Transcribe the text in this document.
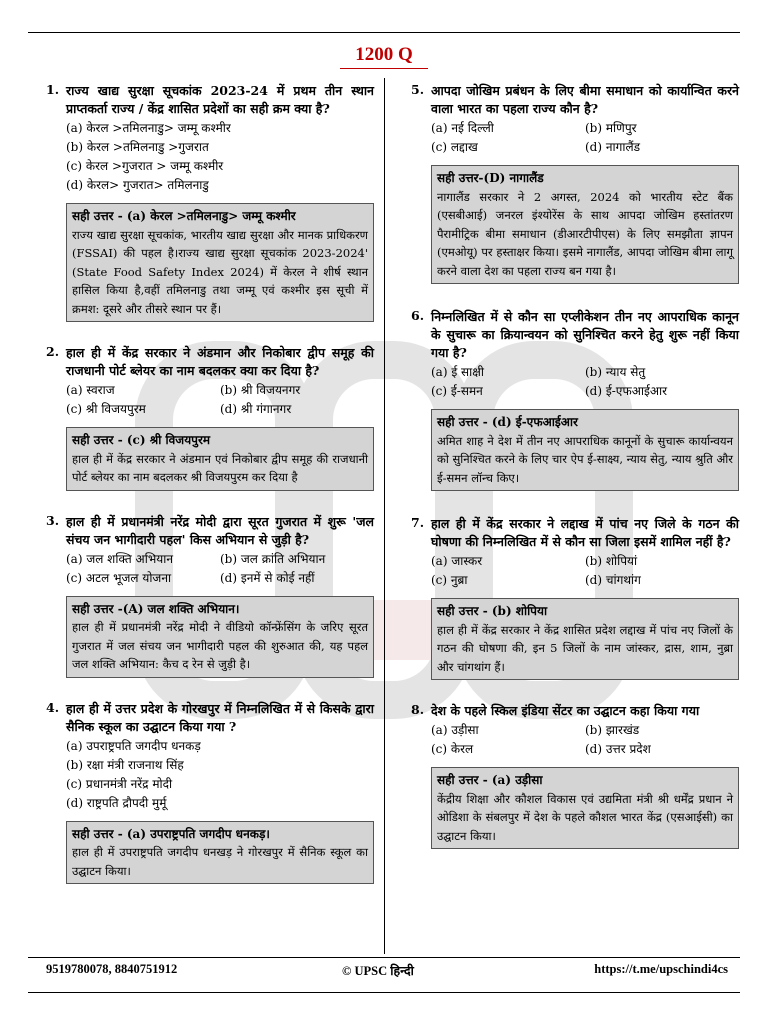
1200 Q
1. राज्य खाद्य सुरक्षा सूचकांक 2023-24 में प्रथम तीन स्थान प्राप्तकर्ता राज्य / केंद्र शासित प्रदेशों का सही क्रम क्या है?
(a) केरल >तमिलनाडु> जम्मू कश्मीर
(b) केरल >तमिलनाडु >गुजरात
(c) केरल >गुजरात > जम्मू कश्मीर
(d) केरल> गुजरात> तमिलनाडु
सही उत्तर - (a) केरल >तमिलनाडु> जम्मू कश्मीर
राज्य खाद्य सुरक्षा सूचकांक, भारतीय खाद्य सुरक्षा और मानक प्राधिकरण (FSSAI) की पहल है।राज्य खाद्य सुरक्षा सूचकांक 2023-2024' (State Food Safety Index 2024) में केरल ने शीर्ष स्थान हासिल किया है,वहीं तमिलनाडु तथा जम्मू एवं कश्मीर इस सूची में क्रमश: दूसरे और तीसरे स्थान पर हैं।
2. हाल ही में केंद्र सरकार ने अंडमान और निकोबार द्वीप समूह की राजधानी पोर्ट ब्लेयर का नाम बदलकर क्या कर दिया है?
(a) स्वराज	(b) श्री विजयनगर
(c) श्री विजयपुरम	(d) श्री गंगानगर
सही उत्तर - (c) श्री विजयपुरम
हाल ही में केंद्र सरकार ने अंडमान एवं निकोबार द्वीप समूह की राजधानी पोर्ट ब्लेयर का नाम बदलकर श्री विजयपुरम कर दिया है
3. हाल ही में प्रधानमंत्री नरेंद्र मोदी द्वारा सूरत गुजरात में शुरू 'जल संचय जन भागीदारी पहल' किस अभियान से जुड़ी है?
(a) जल शक्ति अभियान	(b) जल क्रांति अभियान
(c) अटल भूजल योजना	(d) इनमें से कोई नहीं
सही उत्तर -(A) जल शक्ति अभियान।
हाल ही में प्रधानमंत्री नरेंद्र मोदी ने वीडियो कॉन्फ्रेंसिंग के जरिए सूरत गुजरात में जल संचय जन भागीदारी पहल की शुरुआत की, यह पहल जल शक्ति अभियान: कैच द रेन से जुड़ी है।
4. हाल ही में उत्तर प्रदेश के गोरखपुर में निम्नलिखित में से किसके द्वारा सैनिक स्कूल का उद्घाटन किया गया ?
(a) उपराष्ट्रपति जगदीप धनकड़
(b) रक्षा मंत्री राजनाथ सिंह
(c) प्रधानमंत्री नरेंद्र मोदी
(d) राष्ट्रपति द्रौपदी मुर्मू
सही उत्तर - (a) उपराष्ट्रपति जगदीप धनकड़।
हाल ही में उपराष्ट्रपति जगदीप धनखड़ ने गोरखपुर में सैनिक स्कूल का उद्घाटन किया।
5. आपदा जोखिम प्रबंधन के लिए बीमा समाधान को कार्यान्वित करने वाला भारत का पहला राज्य कौन है?
(a) नई दिल्ली	(b) मणिपुर
(c) लद्दाख	(d) नागालैंड
सही उत्तर-(D) नागालैंड
नागालैंड सरकार ने 2 अगस्त, 2024 को भारतीय स्टेट बैंक (एसबीआई) जनरल इंश्योरेंस के साथ आपदा जोखिम हस्तांतरण पैरामीट्रिक बीमा समाधान (डीआरटीपीएस) के लिए समझौता ज्ञापन (एमओयू) पर हस्ताक्षर किया। इसमे नागालैंड, आपदा जोखिम बीमा लागू करने वाला देश का पहला राज्य बन गया है।
6. निम्नलिखित में से कौन सा एप्लीकेशन तीन नए आपराधिक कानून के सुचारू का क्रियान्वयन को सुनिश्चित करने हेतु शुरू नहीं किया गया है?
(a) ई साक्षी	(b) न्याय सेतु
(c) ई-समन	(d) ई-एफआईआर
सही उत्तर - (d) ई-एफआईआर
अमित शाह ने देश में तीन नए आपराधिक कानूनों के सुचारू कार्यान्वयन को सुनिश्चित करने के लिए चार ऐप ई-साक्ष्य, न्याय सेतु, न्याय श्रुति और ई-समन लॉन्च किए।
7. हाल ही में केंद्र सरकार ने लद्दाख में पांच नए जिले के गठन की घोषणा की निम्नलिखित में से कौन सा जिला इसमें शामिल नहीं है?
(a) जास्कर	(b) शोपियां
(c) नुब्रा	(d) चांगथांग
सही उत्तर - (b) शोपिया
हाल ही में केंद्र सरकार ने केंद्र शासित प्रदेश लद्दाख में पांच नए जिलों के गठन की घोषणा की, इन 5 जिलों के नाम जांस्कर, द्रास, शाम, नुब्रा और चांगथांग हैं।
8. देश के पहले स्किल इंडिया सेंटर का उद्घाटन कहा किया गया
(a) उड़ीसा	(b) झारखंड
(c) केरल	(d) उत्तर प्रदेश
सही उत्तर - (a) उड़ीसा
केंद्रीय शिक्षा और कौशल विकास एवं उद्यमिता मंत्री श्री धर्मेंद्र प्रधान ने ओडिशा के संबलपुर में देश के पहले कौशल भारत केंद्र (एसआईसी) का उद्घाटन किया।
9519780078, 8840751912	© UPSC हिन्दी	https://t.me/upschindi4cs
